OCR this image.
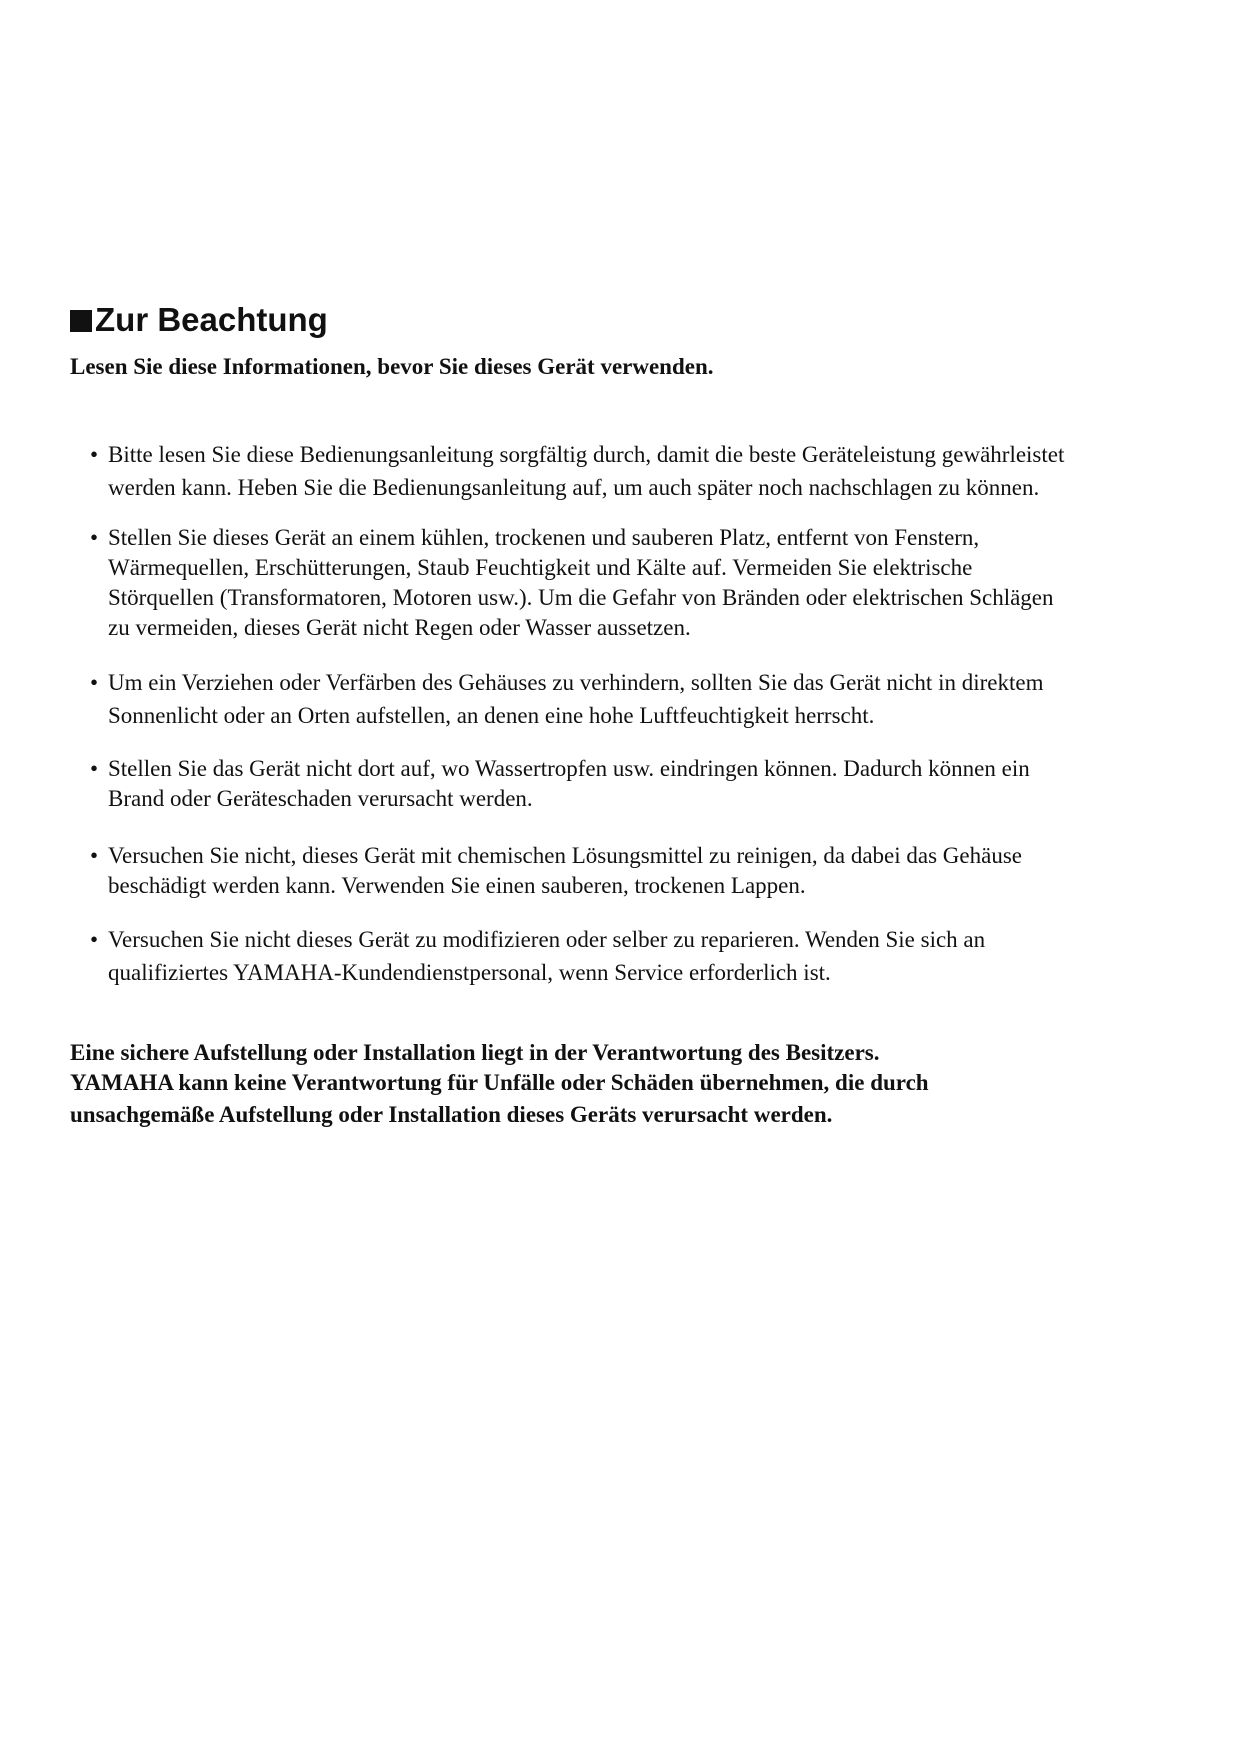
Zur Beachtung
Lesen Sie diese Informationen, bevor Sie dieses Gerät verwenden.
• Bitte lesen Sie diese Bedienungsanleitung sorgfältig durch, damit die beste Geräteleistung gewährleistet
werden kann. Heben Sie die Bedienungsanleitung auf, um auch später noch nachschlagen zu können.
• Stellen Sie dieses Gerät an einem kühlen, trockenen und sauberen Platz, entfernt von Fenstern,
Wärmequellen, Erschütterungen, Staub Feuchtigkeit und Kälte auf. Vermeiden Sie elektrische
Störquellen (Transformatoren, Motoren usw.). Um die Gefahr von Bränden oder elektrischen Schlägen
zu vermeiden, dieses Gerät nicht Regen oder Wasser aussetzen.
• Um ein Verziehen oder Verfärben des Gehäuses zu verhindern, sollten Sie das Gerät nicht in direktem
Sonnenlicht oder an Orten aufstellen, an denen eine hohe Luftfeuchtigkeit herrscht.
• Stellen Sie das Gerät nicht dort auf, wo Wassertropfen usw. eindringen können. Dadurch können ein
Brand oder Geräteschaden verursacht werden.
• Versuchen Sie nicht, dieses Gerät mit chemischen Lösungsmittel zu reinigen, da dabei das Gehäuse
beschädigt werden kann. Verwenden Sie einen sauberen, trockenen Lappen.
• Versuchen Sie nicht dieses Gerät zu modifizieren oder selber zu reparieren. Wenden Sie sich an
qualifiziertes YAMAHA-Kundendienstpersonal, wenn Service erforderlich ist.
Eine sichere Aufstellung oder Installation liegt in der Verantwortung des Besitzers.
YAMAHA kann keine Verantwortung für Unfälle oder Schäden übernehmen, die durch
unsachgemäße Aufstellung oder Installation dieses Geräts verursacht werden.
